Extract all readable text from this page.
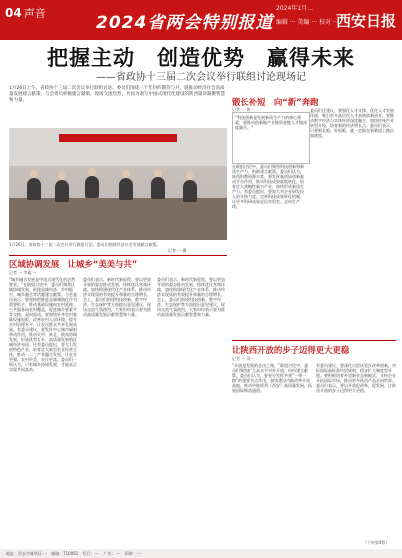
04 声音	2024省两会特别报道
2024年1月…
编辑 ··· 美编 ··· 校对 ···
西安日报
把握主动　创造优势　赢得未来
——省政协十三届二次会议举行联组讨论现场记
1月26日上午，省政协十三届二次会议举行联组讨论。委员们围绕三个年份的期待与共，就推动经济社会高质量发展建言献策。与会委员积极建言献策，现场交流热烈，共同为谱写中国式现代化建设的陕西篇章凝聚智慧和力量。
1月26日，省政协十三届二次会议举行联组讨论。委员们围绕经济社会发展献言献策。
记者 ··· 摄
区域协调发展　让城乡“美美与共”
记者 ··· 李鑫 ···
“城乡融合发展是中国式现代化的必然要求。”在联组讨论中，委员们聚焦区域协调发展，围绕县域经济、乡村振兴、城乡融合等话题建言献策。与会委员表示，要坚持把推进县域城镇化作为重要抓手，推动基础设施向农村延伸、公共服务向农村覆盖，促进城乡要素平等交换、双向流动。要加快补齐农村基础设施短板，改善农村人居环境，提升乡村治理水平，让农民群众共享发展成果。有委员建议，要发挥中心城市辐射带动作用，推动关中、陕北、陕南协调发展，形成优势互补、高质量发展的区域经济布局。还有委员提出，要大力发展特色产业，培育壮大新型农业经营主体，推动一二三产业融合发展，让农业更强、农村更美、农民更富。委员们一致认为，只有城乡协调发展，才能真正实现共同富裕。
委员们表示，新时代新征程，要以更加开放的姿态推动发展，持续优化营商环境，加快构建现代化产业体系，推动经济实现质的有效提升和量的合理增长。会上，委员们围绕科技创新、数字经济、生态保护等方面提出意见建议，现场交流气氛热烈，大家纷纷表示要为推动高质量发展贡献智慧和力量。
委员们表示，新时代新征程，要以更加开放的姿态推动发展，持续优化营商环境，加快构建现代化产业体系，推动经济实现质的有效提升和量的合理增长。会上，委员们围绕科技创新、数字经济、生态保护等方面提出意见建议，现场交流气氛热烈，大家纷纷表示要为推动高质量发展贡献智慧和力量。
锻长补短　向“新”奔跑
记者 ··· 黄··
“科技创新是发展新质生产力的核心要素，要推动创新链产业链资金链人才链深度融合。”
在联组讨论中，委员们聚焦科技创新和新质生产力，积极建言献策。委员们认为，陕西科教资源丰富，要发挥秦创原创新驱动平台作用，推动科技成果就地转化，培育壮大战略性新兴产业，加快形成新质生产力。有委员提出，要加大对企业研发投入的支持力度，完善科技成果转化机制，让更多科研成果走出实验室、走向生产线。
委员们还建议，要强化人才支撑，优化人才发展环境，吸引更多高层次人才来陕创新创业。要推动数字经济与实体经济深度融合，加快传统产业转型升级，培育新的经济增长点。委员们表示，只要锻长板、补短板，就一定能在新赛道上跑出加速度。
让陕西开放的步子迈得更大更稳
记者 ··· 刘··
“开放是发展的必由之路。”联组讨论中，委员们聚焦扩大高水平对外开放，纷纷建言献策。委员们认为，要充分发挥共建“一带一路”的重要节点作用，加快建设内陆改革开放高地，推动中欧班列（西安）高质量发展，拓展国际物流通道。
有委员建议，要深化自贸试验区改革创新，对标国际高标准经贸规则，稳步扩大制度型开放。要积极培育外贸新业态新模式，支持企业开拓国际市场，推动更多陕西产品走向世界。委员们表示，要以开放促改革、促发展，让陕西开放的步子迈得更大更稳。
（下转第4版）
地址：西安市雁塔区····　邮编：710061　发行：····　广告：····　印刷：····
